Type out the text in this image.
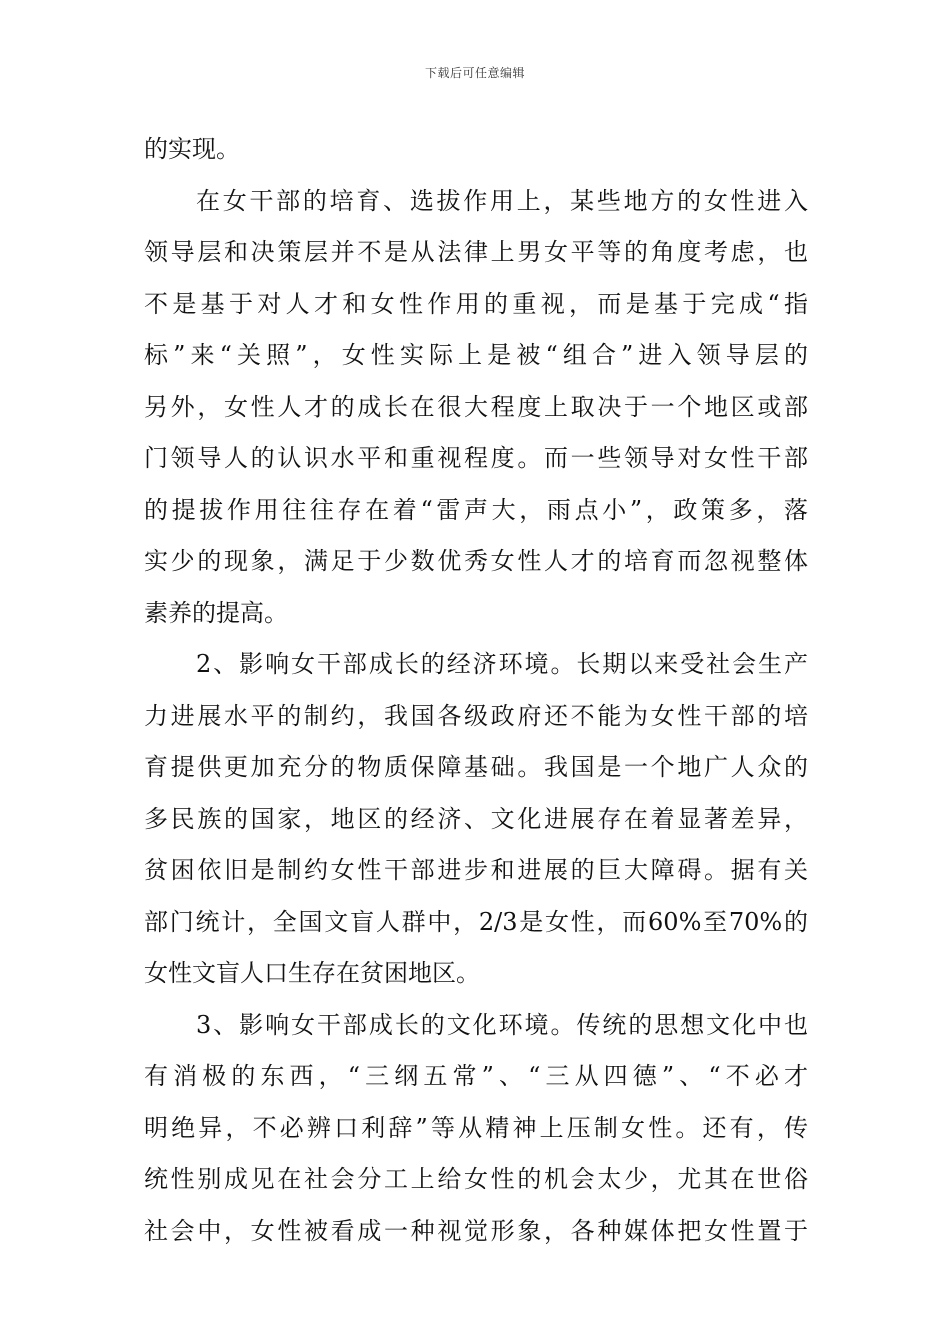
下载后可任意编辑
的实现。
在女干部的培育、选拔作用上，某些地方的女性进入
领导层和决策层并不是从法律上男女平等的角度考虑，也
不是基于对人才和女性作用的重视，而是基于完成“指
标”来“关照”，女性实际上是被“组合”进入领导层的
另外，女性人才的成长在很大程度上取决于一个地区或部
门领导人的认识水平和重视程度。而一些领导对女性干部
的提拔作用往往存在着“雷声大，雨点小”，政策多，落
实少的现象，满足于少数优秀女性人才的培育而忽视整体
素养的提高。
2、影响女干部成长的经济环境。长期以来受社会生产
力进展水平的制约，我国各级政府还不能为女性干部的培
育提供更加充分的物质保障基础。我国是一个地广人众的
多民族的国家，地区的经济、文化进展存在着显著差异，
贫困依旧是制约女性干部进步和进展的巨大障碍。据有关
部门统计，全国文盲人群中，2/3是女性，而60%至70%的
女性文盲人口生存在贫困地区。
3、影响女干部成长的文化环境。传统的思想文化中也
有消极的东西，“三纲五常”、“三从四德”、“不必才
明绝异，不必辨口利辞”等从精神上压制女性。还有，传
统性别成见在社会分工上给女性的机会太少，尤其在世俗
社会中，女性被看成一种视觉形象，各种媒体把女性置于
